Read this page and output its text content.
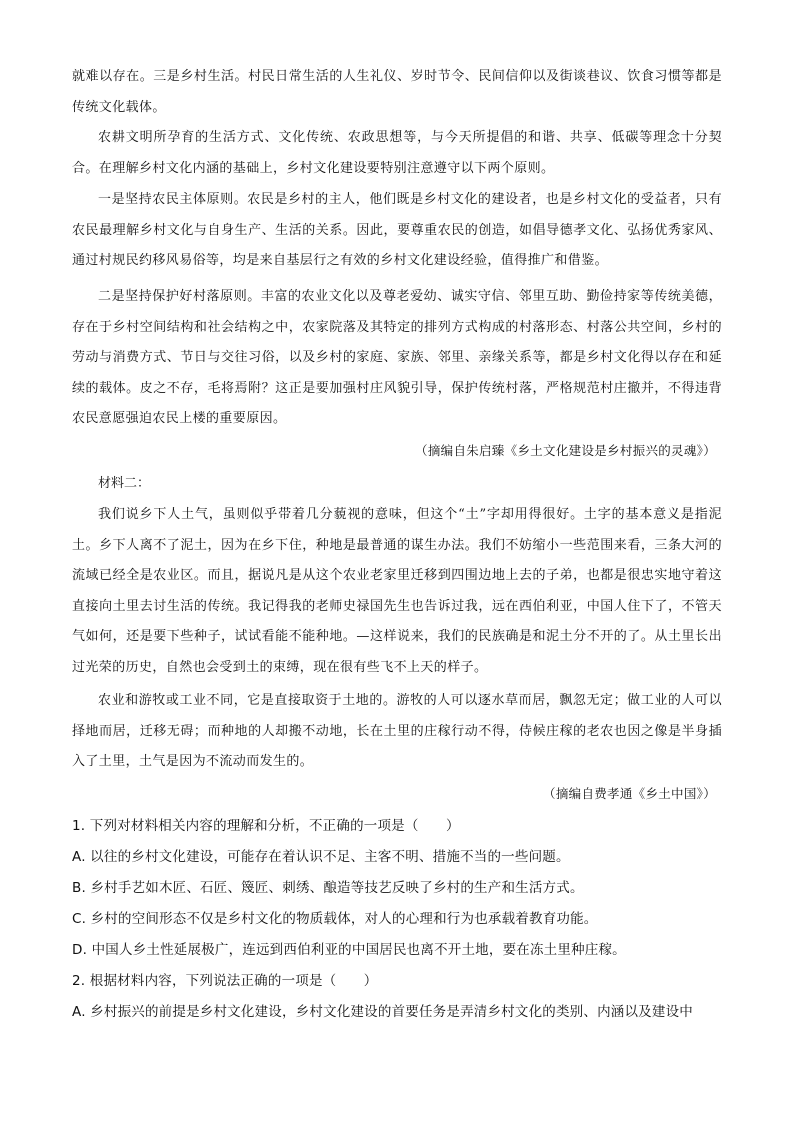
就难以存在。三是乡村生活。村民日常生活的人生礼仪、岁时节令、民间信仰以及街谈巷议、饮食习惯等都是传统文化载体。

农耕文明所孕育的生活方式、文化传统、农政思想等，与今天所提倡的和谐、共享、低碳等理念十分契合。在理解乡村文化内涵的基础上，乡村文化建设要特别注意遵守以下两个原则。

一是坚持农民主体原则。农民是乡村的主人，他们既是乡村文化的建设者，也是乡村文化的受益者，只有农民最理解乡村文化与自身生产、生活的关系。因此，要尊重农民的创造，如倡导德孝文化、弘扬优秀家风、通过村规民约移风易俗等，均是来自基层行之有效的乡村文化建设经验，值得推广和借鉴。

二是坚持保护好村落原则。丰富的农业文化以及尊老爱幼、诚实守信、邻里互助、勤俭持家等传统美德，存在于乡村空间结构和社会结构之中，农家院落及其特定的排列方式构成的村落形态、村落公共空间，乡村的劳动与消费方式、节日与交往习俗，以及乡村的家庭、家族、邻里、亲缘关系等，都是乡村文化得以存在和延续的载体。皮之不存，毛将焉附？这正是要加强村庄风貌引导，保护传统村落，严格规范村庄撤并，不得违背农民意愿强迫农民上楼的重要原因。

（摘编自朱启臻《乡土文化建设是乡村振兴的灵魂》）

材料二：

我们说乡下人土气，虽则似乎带着几分藐视的意味，但这个“土”字却用得很好。土字的基本意义是指泥土。乡下人离不了泥土，因为在乡下住，种地是最普通的谋生办法。我们不妨缩小一些范围来看，三条大河的流域已经全是农业区。而且，据说凡是从这个农业老家里迁移到四围边地上去的子弟，也都是很忠实地守着这直接向土里去讨生活的传统。我记得我的老师史禄国先生也告诉过我，远在西伯利亚，中国人住下了，不管天气如何，还是要下些种子，试试看能不能种地。—这样说来，我们的民族确是和泥土分不开的了。从土里长出过光荣的历史，自然也会受到土的束缚，现在很有些飞不上天的样子。

农业和游牧或工业不同，它是直接取资于土地的。游牧的人可以逐水草而居，飘忽无定；做工业的人可以择地而居，迁移无碍；而种地的人却搬不动地，长在土里的庄稼行动不得，侍候庄稼的老农也因之像是半身插入了土里，土气是因为不流动而发生的。

（摘编自费孝通《乡土中国》）

1. 下列对材料相关内容的理解和分析，不正确的一项是（　　）

A. 以往的乡村文化建设，可能存在着认识不足、主客不明、措施不当的一些问题。

B. 乡村手艺如木匠、石匠、篾匠、刺绣、酿造等技艺反映了乡村的生产和生活方式。

C. 乡村的空间形态不仅是乡村文化的物质载体，对人的心理和行为也承载着教育功能。

D. 中国人乡土性延展极广，连远到西伯利亚的中国居民也离不开土地，要在冻土里种庄稼。

2. 根据材料内容，下列说法正确的一项是（　　）

A. 乡村振兴的前提是乡村文化建设，乡村文化建设的首要任务是弄清乡村文化的类别、内涵以及建设中
